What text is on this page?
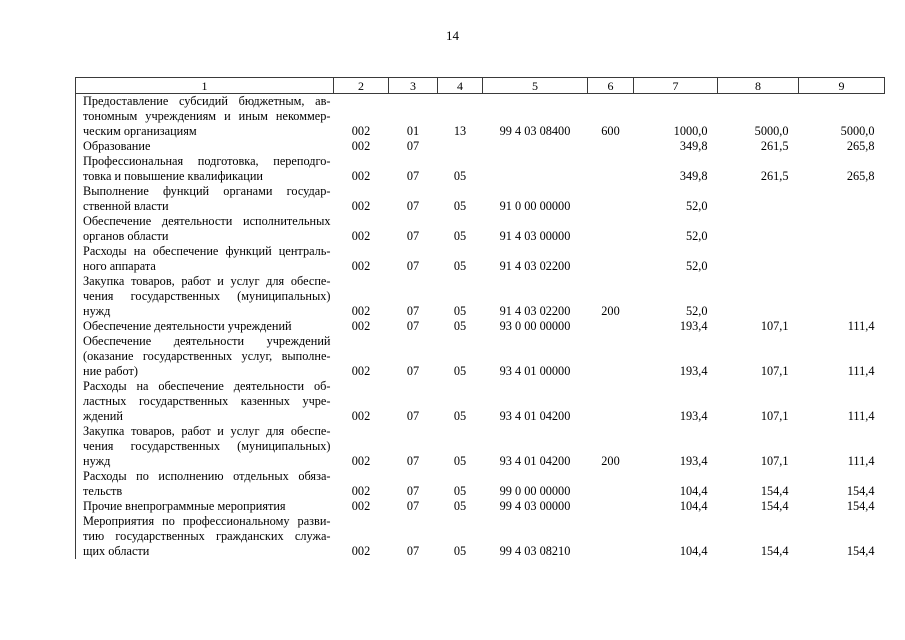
14
1	2	3	4	5	6	7	8	9

Предоставление субсидий бюджетным, ав-
тономным учреждениям и иным некоммер-
ческим организациям	002	01	13	99 4 03 08400	600	1000,0	5000,0	5000,0

Образование	002	07				349,8	261,5	265,8

Профессиональная подготовка, переподго-
товка и повышение квалификации	002	07	05			349,8	261,5	265,8

Выполнение функций органами государ-
ственной власти	002	07	05	91 0 00 00000		52,0		

Обеспечение деятельности исполнительных
органов области	002	07	05	91 4 03 00000		52,0		

Расходы на обеспечение функций централь-
ного аппарата	002	07	05	91 4 03 02200		52,0		

Закупка товаров, работ и услуг для обеспе-
чения государственных (муниципальных)
нужд	002	07	05	91 4 03 02200	200	52,0		

Обеспечение деятельности учреждений	002	07	05	93 0 00 00000		193,4	107,1	111,4

Обеспечение деятельности учреждений
(оказание государственных услуг, выполне-
ние работ)	002	07	05	93 4 01 00000		193,4	107,1	111,4

Расходы на обеспечение деятельности об-
ластных государственных казенных учре-
ждений	002	07	05	93 4 01 04200		193,4	107,1	111,4

Закупка товаров, работ и услуг для обеспе-
чения государственных (муниципальных)
нужд	002	07	05	93 4 01 04200	200	193,4	107,1	111,4

Расходы по исполнению отдельных обяза-
тельств	002	07	05	99 0 00 00000		104,4	154,4	154,4

Прочие внепрограммные мероприятия	002	07	05	99 4 03 00000		104,4	154,4	154,4

Мероприятия по профессиональному разви-
тию государственных гражданских служа-
щих области	002	07	05	99 4 03 08210		104,4	154,4	154,4
